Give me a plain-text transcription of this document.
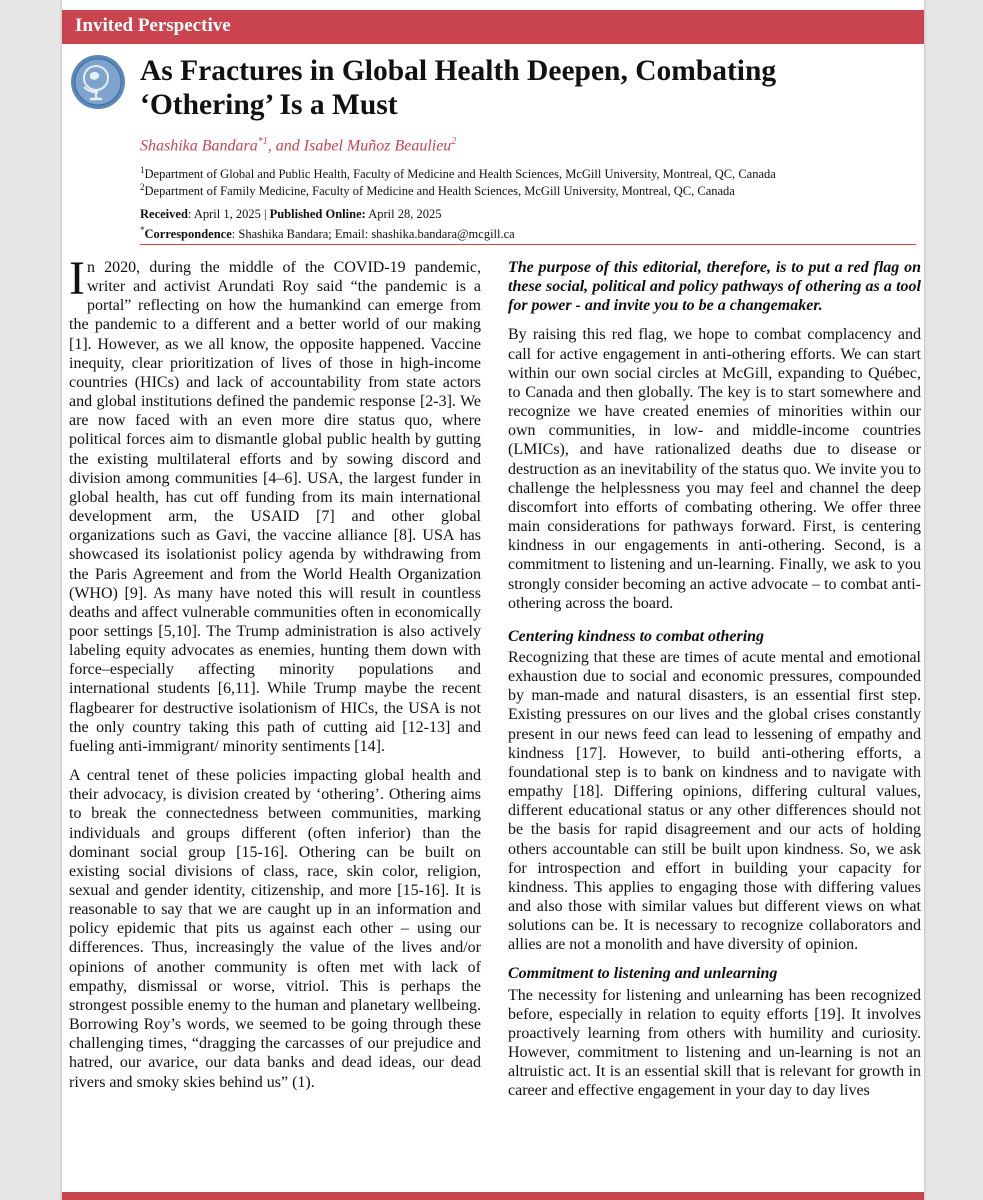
Invited Perspective
As Fractures in Global Health Deepen, Combating
‘Othering’ Is a Must
Shashika Bandara$^{*1}$, and Isabel Muñoz Beaulieu$^2$
$^1$Department of Global and Public Health, Faculty of Medicine and Health Sciences, McGill University, Montreal, QC, Canada
$^2$Department of Family Medicine, Faculty of Medicine and Health Sciences, McGill University, Montreal, QC, Canada
Received: April 1, 2025 | Published Online: April 28, 2025
*Correspondence: Shashika Bandara; Email: shashika.bandara@mcgill.ca

In 2020, during the middle of the COVID-19 pandemic, writer and activist Arundati Roy said “the pandemic is a portal” reflecting on how the humankind can emerge from the pandemic to a different and a better world of our making [1]. However, as we all know, the opposite happened. Vaccine inequity, clear prioritization of lives of those in high-income countries (HICs) and lack of accountability from state actors and global institutions defined the pandemic response [2-3]. We are now faced with an even more dire status quo, where political forces aim to dismantle global public health by gutting the existing multilateral efforts and by sowing discord and division among communities [4–6]. USA, the largest funder in global health, has cut off funding from its main international development arm, the USAID [7] and other global organizations such as Gavi, the vaccine alliance [8]. USA has showcased its isolationist policy agenda by withdrawing from the Paris Agreement and from the World Health Organization (WHO) [9]. As many have noted this will result in countless deaths and affect vulnerable communities often in economically poor settings [5,10]. The Trump administration is also actively labeling equity advocates as enemies, hunting them down with force–especially affecting minority populations and international students [6,11]. While Trump maybe the recent flagbearer for destructive isolationism of HICs, the USA is not the only country taking this path of cutting aid [12-13] and fueling anti-immigrant/ minority sentiments [14].

A central tenet of these policies impacting global health and their advocacy, is division created by ‘othering’. Othering aims to break the connectedness between communities, marking individuals and groups different (often inferior) than the dominant social group [15-16]. Othering can be built on existing social divisions of class, race, skin color, religion, sexual and gender identity, citizenship, and more [15-16]. It is reasonable to say that we are caught up in an information and policy epidemic that pits us against each other – using our differences. Thus, increasingly the value of the lives and/or opinions of another community is often met with lack of empathy, dismissal or worse, vitriol. This is perhaps the strongest possible enemy to the human and planetary wellbeing. Borrowing Roy’s words, we seemed to be going through these challenging times, “dragging the carcasses of our prejudice and hatred, our avarice, our data banks and dead ideas, our dead rivers and smoky skies behind us” (1).

The purpose of this editorial, therefore, is to put a red flag on these social, political and policy pathways of othering as a tool for power - and invite you to be a changemaker.

By raising this red flag, we hope to combat complacency and call for active engagement in anti-othering efforts. We can start within our own social circles at McGill, expanding to Québec, to Canada and then globally. The key is to start somewhere and recognize we have created enemies of minorities within our own communities, in low- and middle-income countries (LMICs), and have rationalized deaths due to disease or destruction as an inevitability of the status quo. We invite you to challenge the helplessness you may feel and channel the deep discomfort into efforts of combating othering. We offer three main considerations for pathways forward. First, is centering kindness in our engagements in anti-othering. Second, is a commitment to listening and un-learning. Finally, we ask to you strongly consider becoming an active advocate – to combat anti-othering across the board.

Centering kindness to combat othering

Recognizing that these are times of acute mental and emotional exhaustion due to social and economic pressures, compounded by man-made and natural disasters, is an essential first step. Existing pressures on our lives and the global crises constantly present in our news feed can lead to lessening of empathy and kindness [17]. However, to build anti-othering efforts, a foundational step is to bank on kindness and to navigate with empathy [18]. Differing opinions, differing cultural values, different educational status or any other differences should not be the basis for rapid disagreement and our acts of holding others accountable can still be built upon kindness. So, we ask for introspection and effort in building your capacity for kindness. This applies to engaging those with differing values and also those with similar values but different views on what solutions can be. It is necessary to recognize collaborators and allies are not a monolith and have diversity of opinion.

Commitment to listening and unlearning

The necessity for listening and unlearning has been recognized before, especially in relation to equity efforts [19]. It involves proactively learning from others with humility and curiosity. However, commitment to listening and un-learning is not an altruistic act. It is an essential skill that is relevant for growth in career and effective engagement in your day to day lives
